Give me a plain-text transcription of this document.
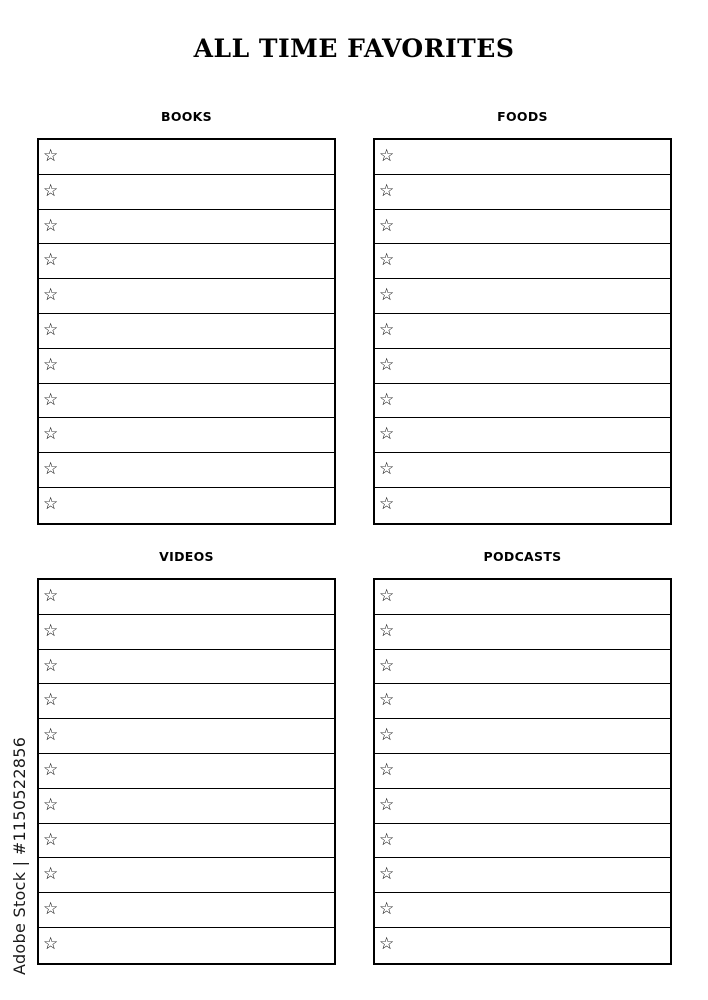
ALL TIME FAVORITES
BOOKS
☆
☆
☆
☆
☆
☆
☆
☆
☆
☆
☆
FOODS
☆
☆
☆
☆
☆
☆
☆
☆
☆
☆
☆
VIDEOS
☆
☆
☆
☆
☆
☆
☆
☆
☆
☆
☆
PODCASTS
☆
☆
☆
☆
☆
☆
☆
☆
☆
☆
☆
Adobe Stock | #1150522856
